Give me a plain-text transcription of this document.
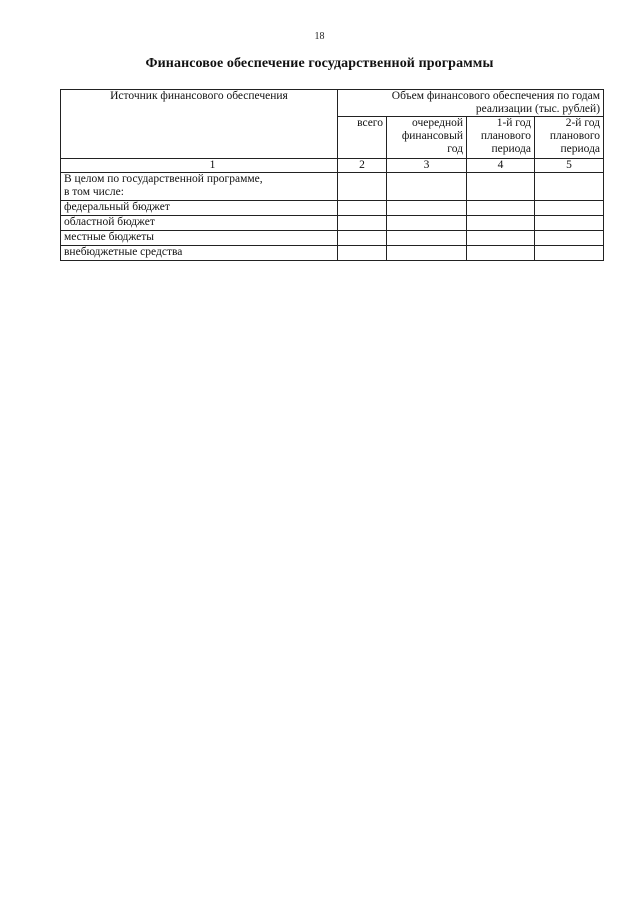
18
Финансовое обеспечение государственной программы
Источник финансового обеспечения	Объем финансового обеспечения по годам реализации (тыс. рублей)			
	всего	очередной финансовый год	1-й год планового периода	2-й год планового периода
1	2	3	4	5

В целом по государственной программе,
в том числе:				

федеральный бюджет				
областной бюджет				
местные бюджеты				
внебюджетные средства				
